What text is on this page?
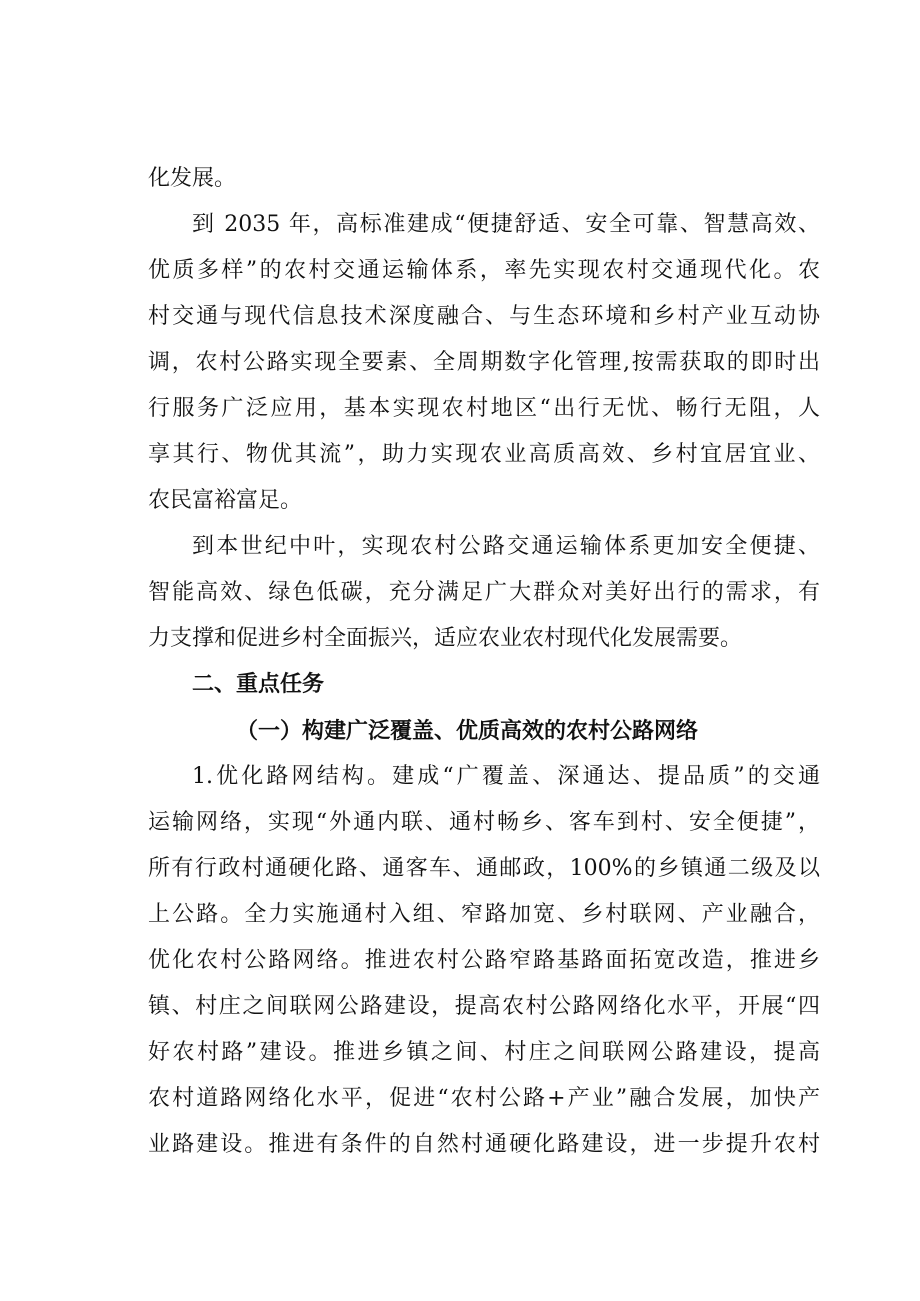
化发展。

到 2035 年，高标准建成“便捷舒适、安全可靠、智慧高效、

优质多样”的农村交通运输体系，率先实现农村交通现代化。农

村交通与现代信息技术深度融合、与生态环境和乡村产业互动协

调，农村公路实现全要素、全周期数字化管理,按需获取的即时出

行服务广泛应用，基本实现农村地区“出行无忧、畅行无阻，人

享其行、物优其流”，助力实现农业高质高效、乡村宜居宜业、

农民富裕富足。

到本世纪中叶，实现农村公路交通运输体系更加安全便捷、

智能高效、绿色低碳，充分满足广大群众对美好出行的需求，有

力支撑和促进乡村全面振兴，适应农业农村现代化发展需要。

二、重点任务
（一）构建广泛覆盖、优质高效的农村公路网络

1.优化路网结构。建成“广覆盖、深通达、提品质”的交通

运输网络，实现“外通内联、通村畅乡、客车到村、安全便捷”，

所有行政村通硬化路、通客车、通邮政，100%的乡镇通二级及以

上公路。全力实施通村入组、窄路加宽、乡村联网、产业融合，

优化农村公路网络。推进农村公路窄路基路面拓宽改造，推进乡

镇、村庄之间联网公路建设，提高农村公路网络化水平，开展“四

好农村路”建设。推进乡镇之间、村庄之间联网公路建设，提高

农村道路网络化水平，促进“农村公路+产业”融合发展，加快产

业路建设。推进有条件的自然村通硬化路建设，进一步提升农村
